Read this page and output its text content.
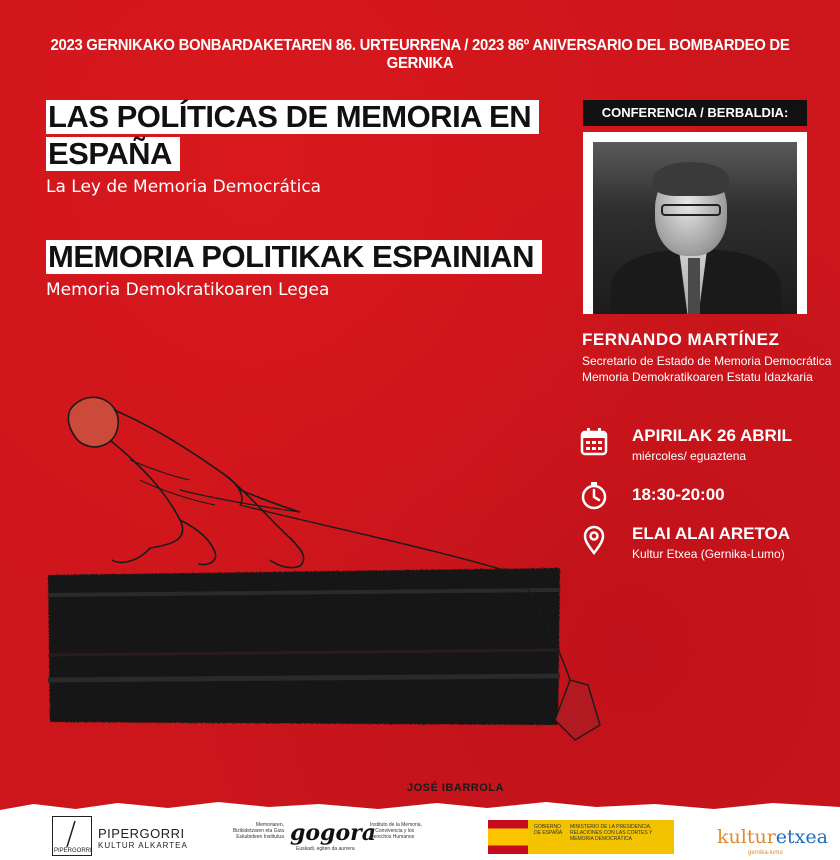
2023 GERNIKAKO BONBARDAKETAREN 86. URTEURRENA / 2023 86º ANIVERSARIO DEL BOMBARDEO DE GERNIKA
LAS POLÍTICAS DE MEMORIA EN
ESPAÑA
La Ley de Memoria Democrática
MEMORIA POLITIKAK ESPAINIAN
Memoria Demokratikoaren Legea
CONFERENCIA / BERBALDIA:
FERNANDO MARTÍNEZ
Secretario de Estado de Memoria Democrática
Memoria Demokratikoaren Estatu Idazkaria
APIRILAK 26 ABRIL
miércoles/ eguaztena
18:30-20:00
ELAI ALAI ARETOA
Kultur Etxea (Gernika-Lumo)
JOSÉ IBARROLA
PIPERGORRI
KULTUR ALKARTEA
PIPERGORRI
Memoriaren, Bizikidetzaren eta Giza Eskubideen Institutua gogora
Euskadi, egiten da aurrera
Instituto de la Memoria, la Convivencia y los Derechos Humanos
GOBIERNO DE ESPAÑA
MINISTERIO DE LA PRESIDENCIA, RELACIONES CON LAS CORTES Y MEMORIA DEMOCRÁTICA	kulturetxea
gernika-lumo
